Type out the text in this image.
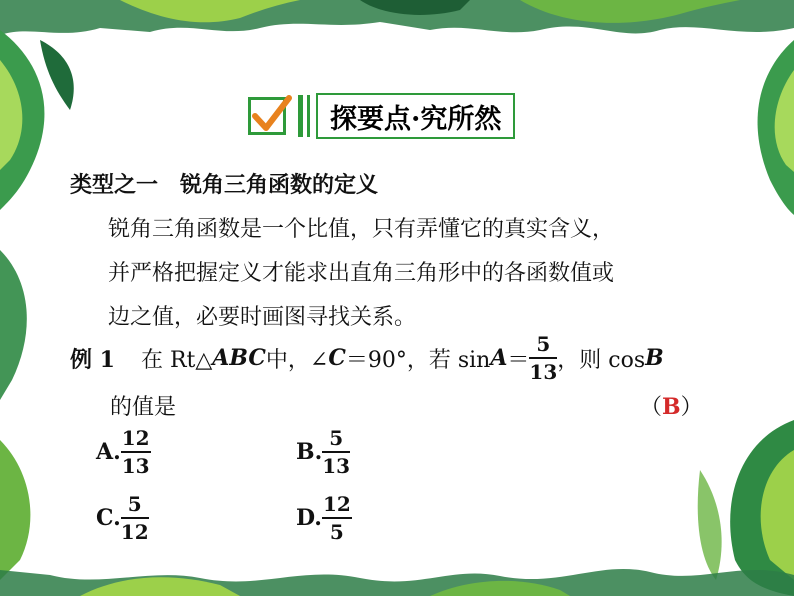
探要点·究所然
类型之一　锐角三角函数的定义
锐角三角函数是一个比值，只有弄懂它的真实含义，
并严格把握定义才能求出直角三角形中的各函数值或
边之值，必要时画图寻找关系。
例 1 在 Rt△ ABC 中，∠ C ＝90°，若 $\sin A = \frac{5}{13}$ ，则 cos B
的值是	（B）
A. $\frac{12}{13}$	B. $\frac{5}{13}$
C. $\frac{5}{12}$	D. $\frac{12}{5}$
